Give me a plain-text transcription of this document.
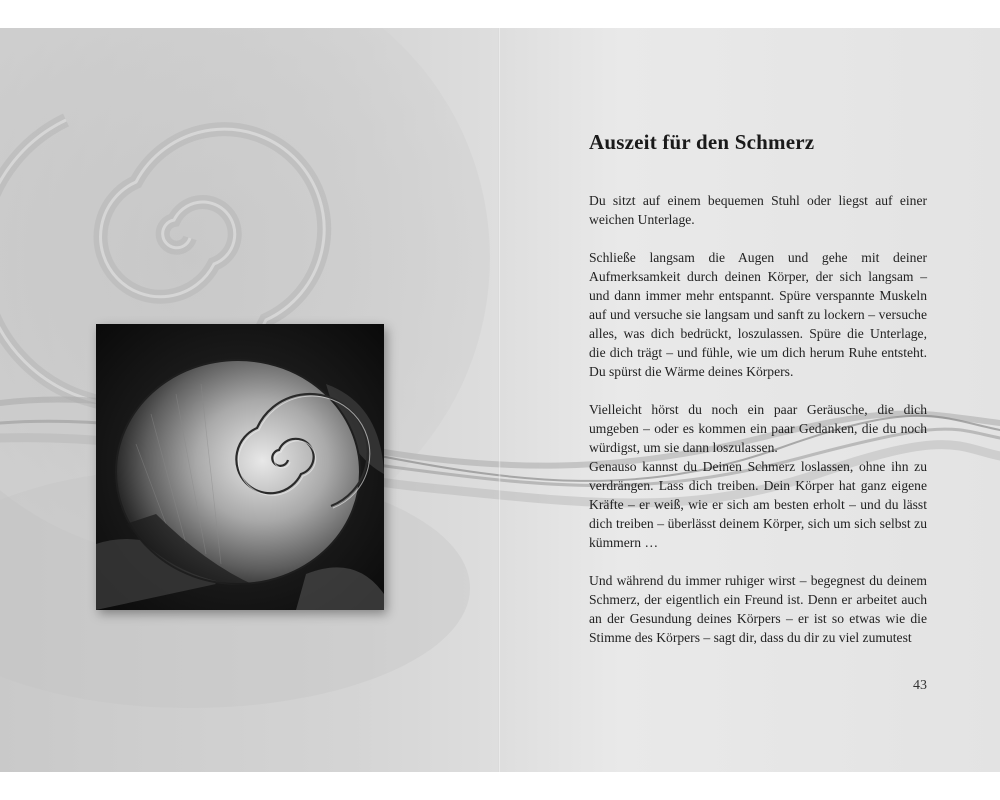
Auszeit für den Schmerz

Du sitzt auf einem bequemen Stuhl oder liegst auf einer weichen Unterlage.

Schließe langsam die Augen und gehe mit deiner Aufmerksamkeit durch deinen Körper, der sich langsam – und dann immer mehr entspannt. Spüre verspannte Muskeln auf und versuche sie langsam und sanft zu lockern – versuche alles, was dich bedrückt, loszulassen. Spüre die Unterlage, die dich trägt – und fühle, wie um dich herum Ruhe entsteht. Du spürst die Wärme deines Körpers.

Vielleicht hörst du noch ein paar Geräusche, die dich umgeben – oder es kommen ein paar Gedanken, die du noch würdigst, um sie dann loszulassen.

Genauso kannst du Deinen Schmerz loslassen, ohne ihn zu verdrängen. Lass dich treiben. Dein Körper hat ganz eigene Kräfte – er weiß, wie er sich am besten erholt – und du lässt dich treiben – überlässt deinem Körper, sich um sich selbst zu kümmern …

Und während du immer ruhiger wirst – begegnest du deinem Schmerz, der eigentlich ein Freund ist. Denn er arbeitet auch an der Gesundung deines Körpers – er ist so etwas wie die Stimme des Körpers – sagt dir, dass du dir zu viel zumutest

43
